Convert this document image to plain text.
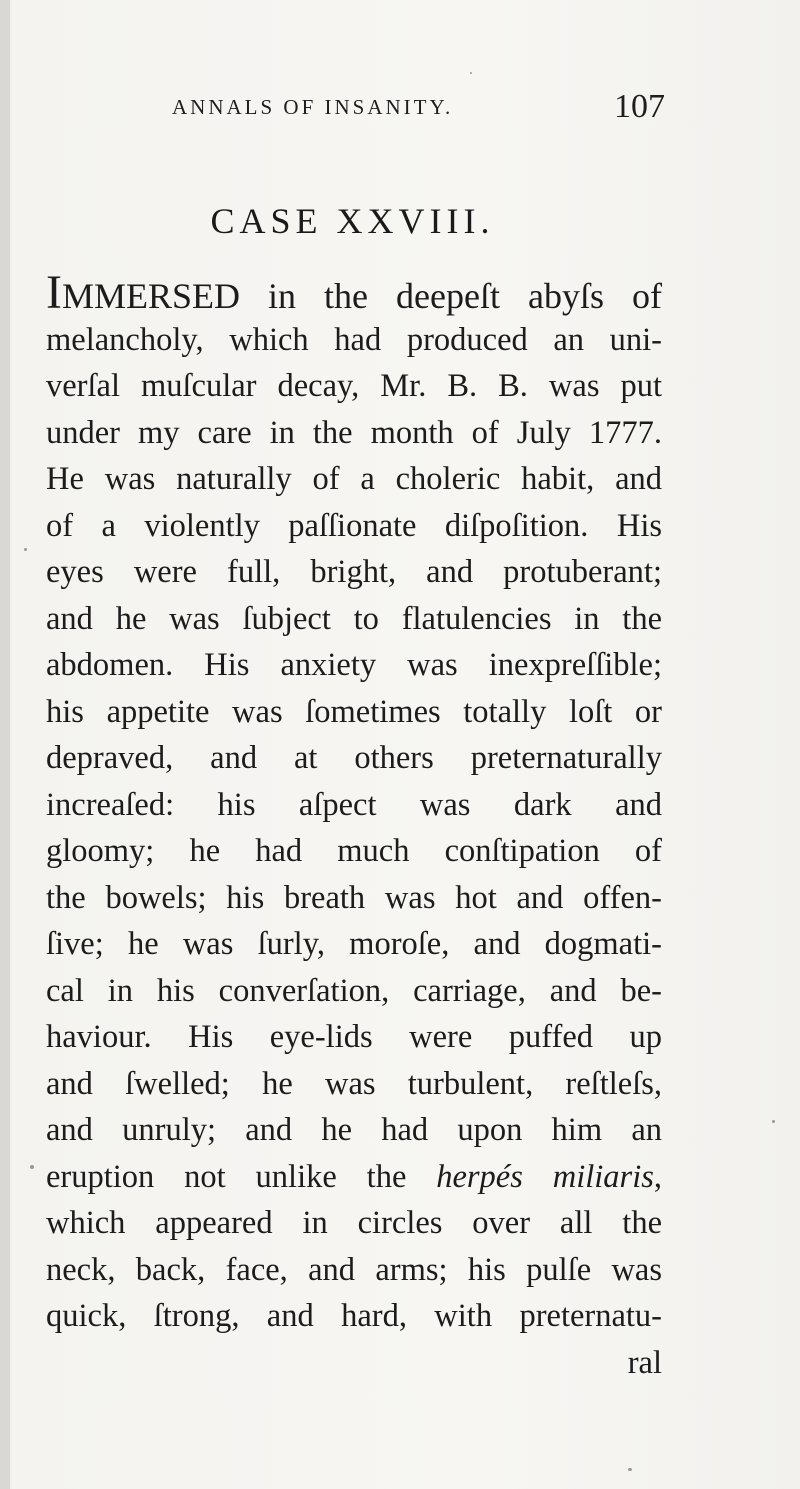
ANNALS OF INSANITY.	107
CASE XXVIII.
IMMERSED in the deepeſt abyſs of
melancholy, which had produced an uni-
verſal muſcular decay, Mr. B. B. was put
under my care in the month of July 1777.
He was naturally of a choleric habit, and
of a violently paſſionate diſpoſition. His
eyes were full, bright, and protuberant;
and he was ſubject to flatulencies in the
abdomen. His anxiety was inexpreſſible;
his appetite was ſometimes totally loſt or
depraved, and at others preternaturally
increaſed: his aſpect was dark and
gloomy; he had much conſtipation of
the bowels; his breath was hot and offen-
ſive; he was ſurly, moroſe, and dogmati-
cal in his converſation, carriage, and be-
haviour. His eye-lids were puffed up
and ſwelled; he was turbulent, reſtleſs,
and unruly; and he had upon him an
eruption not unlike the herpés miliaris,
which appeared in circles over all the
neck, back, face, and arms; his pulſe was
quick, ſtrong, and hard, with preternatu-
ral
